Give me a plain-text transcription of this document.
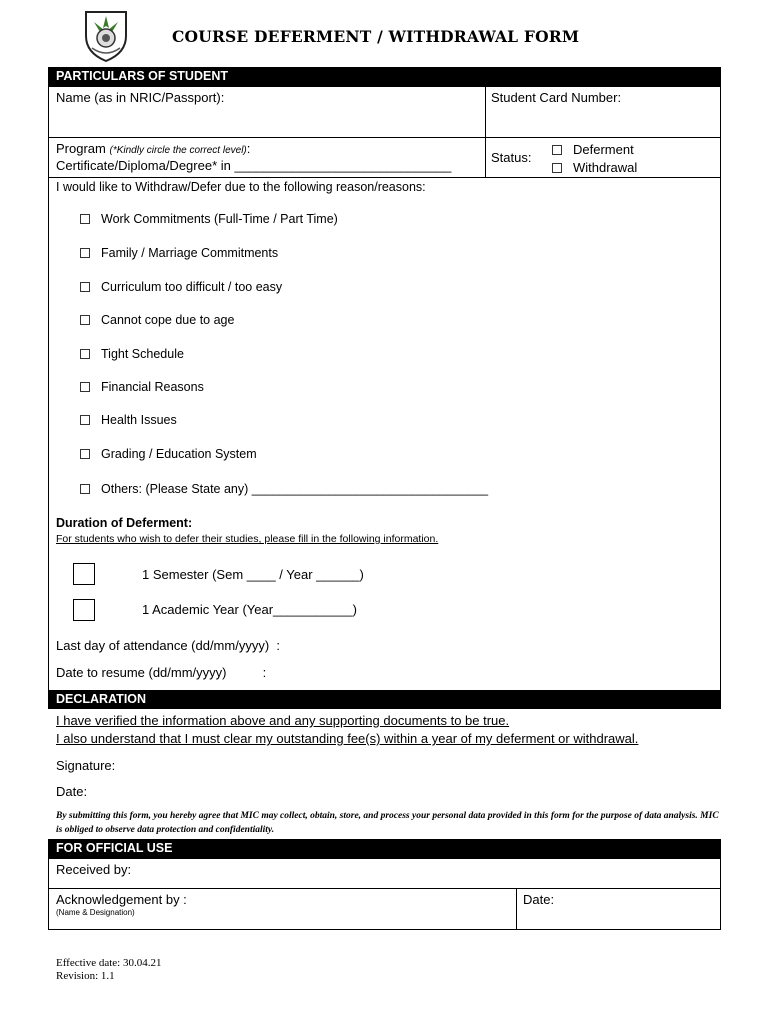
COURSE DEFERMENT / WITHDRAWAL FORM
PARTICULARS OF STUDENT
Name (as in NRIC/Passport):	Student Card Number:
Program (*Kindly circle the correct level):
Certificate/Diploma/Degree* in ______________________________
Status:
Deferment
Withdrawal
I would like to Withdraw/Defer due to the following reason/reasons:
Work Commitments (Full-Time / Part Time)
Family / Marriage Commitments
Curriculum too difficult / too easy
Cannot cope due to age
Tight Schedule
Financial Reasons
Health Issues
Grading / Education System
Others: (Please State any) __________________________________
Duration of Deferment:
For students who wish to defer their studies, please fill in the following information.
1 Semester (Sem ____ / Year ______)
1 Academic Year (Year___________)
Last day of attendance (dd/mm/yyyy)  :
Date to resume (dd/mm/yyyy)          :
DECLARATION
I have verified the information above and any supporting documents to be true.
I also understand that I must clear my outstanding fee(s) within a year of my deferment or withdrawal.
Signature:
Date:
By submitting this form, you hereby agree that MIC may collect, obtain, store, and process your personal data provided in this form for the purpose of data analysis. MIC is obliged to observe data protection and confidentiality.
FOR OFFICIAL USE
Received by:
Acknowledgement by :
(Name & Designation)
Date:
Effective date: 30.04.21
Revision: 1.1
